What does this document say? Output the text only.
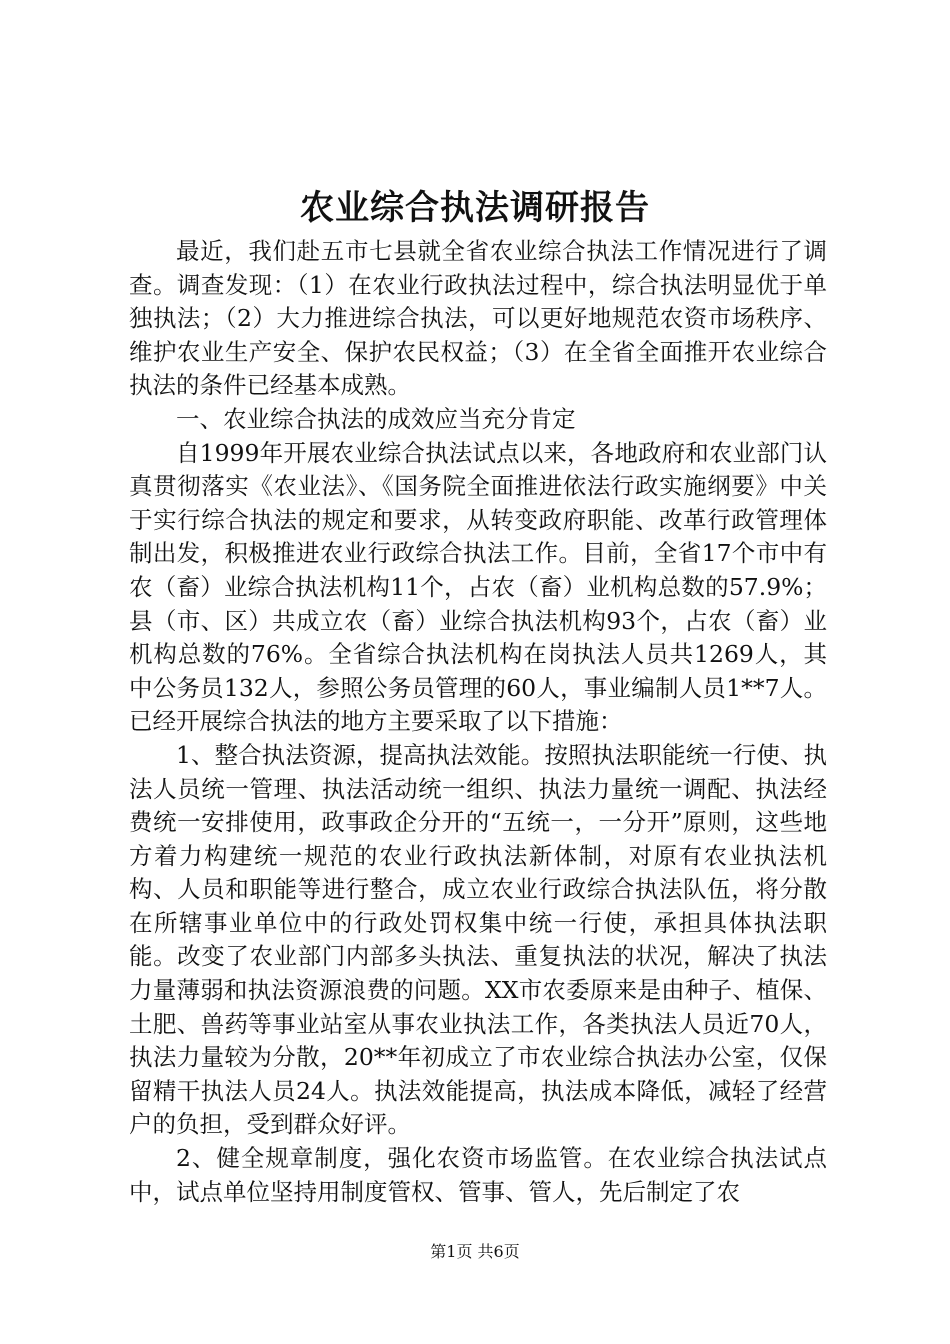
农业综合执法调研报告

最近，我们赴五市七县就全省农业综合执法工作情况进行了调查。调查发现：（1）在农业行政执法过程中，综合执法明显优于单独执法；（2）大力推进综合执法，可以更好地规范农资市场秩序、维护农业生产安全、保护农民权益；（3）在全省全面推开农业综合执法的条件已经基本成熟。

一、农业综合执法的成效应当充分肯定

自1999年开展农业综合执法试点以来，各地政府和农业部门认真贯彻落实《农业法》、《国务院全面推进依法行政实施纲要》中关于实行综合执法的规定和要求，从转变政府职能、改革行政管理体制出发，积极推进农业行政综合执法工作。目前，全省17个市中有农（畜）业综合执法机构11个，占农（畜）业机构总数的57.9%；县（市、区）共成立农（畜）业综合执法机构93个，占农（畜）业机构总数的76%。全省综合执法机构在岗执法人员共1269人，其中公务员132人，参照公务员管理的60人，事业编制人员1**7人。已经开展综合执法的地方主要采取了以下措施：

1、整合执法资源，提高执法效能。按照执法职能统一行使、执法人员统一管理、执法活动统一组织、执法力量统一调配、执法经费统一安排使用，政事政企分开的“五统一，一分开”原则，这些地方着力构建统一规范的农业行政执法新体制，对原有农业执法机构、人员和职能等进行整合，成立农业行政综合执法队伍，将分散在所辖事业单位中的行政处罚权集中统一行使，承担具体执法职能。改变了农业部门内部多头执法、重复执法的状况，解决了执法力量薄弱和执法资源浪费的问题。XX市农委原来是由种子、植保、土肥、兽药等事业站室从事农业执法工作，各类执法人员近70人，执法力量较为分散，20**年初成立了市农业综合执法办公室，仅保留精干执法人员24人。执法效能提高，执法成本降低，减轻了经营户的负担，受到群众好评。

2、健全规章制度，强化农资市场监管。在农业综合执法试点中，试点单位坚持用制度管权、管事、管人，先后制定了农

第1页 共6页
